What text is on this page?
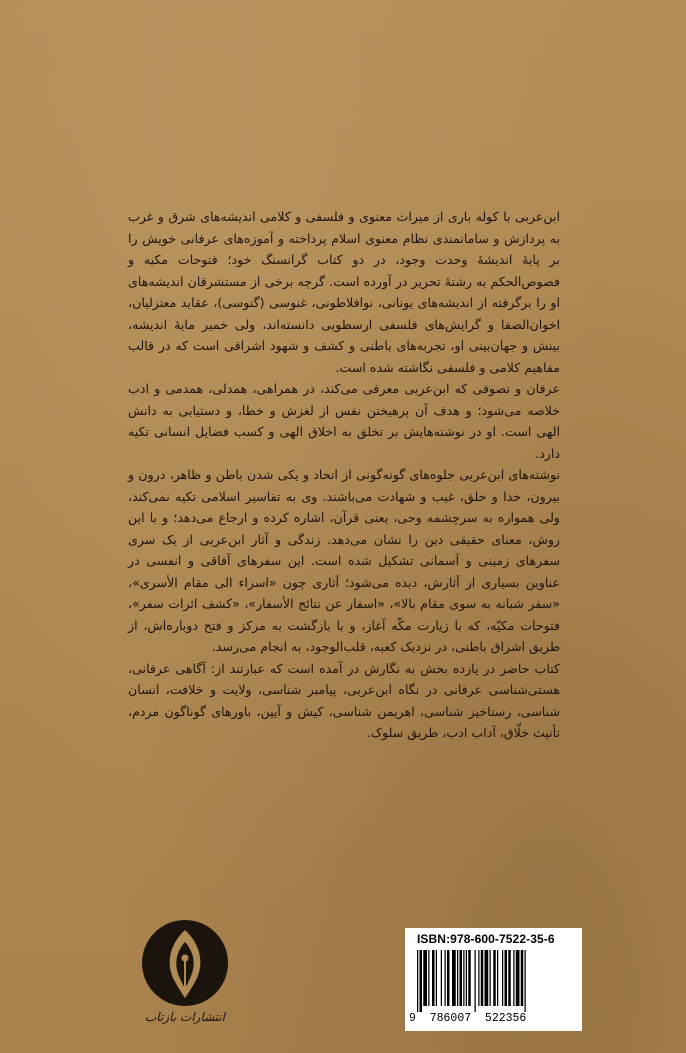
ابن‌عربی با کوله باری از میراث معنوی و فلسفی و کلامی اندیشه‌های شرق و غرب به پردازش و سامانمندی نظام معنوی اسلام پرداخته و آموزه‌های عرفانی خویش را بر پایهٔ اندیشهٔ وحدت وجود، در دو کتاب گرانسنگ خود؛ فتوحات مکیه و فصوص‌الحکم به رشتهٔ تحریر در آورده است. گرچه برخی از مستشرقان اندیشه‌های او را برگرفته از اندیشه‌های یونانی، نوافلاطونی، غنوسی (گنوسی)، عقاید معتزلیان، اخوان‌الصفا و گرایش‌های فلسفی ارسطویی دانسته‌اند، ولی خمیر مایهٔ اندیشه، بینش و جهان‌بینی او، تجربه‌های باطنی و کشف و شهود اشراقی است که در قالب مفاهیم کلامی و فلسفی نگاشته شده است.

عرفان و تصوفی که ابن‌عربی معرفی می‌کند، در همراهی، همدلی، همدمی و ادب خلاصه می‌شود؛ و هدف آن پرهیختن نفس از لغزش و خطا، و دستیابی به دانش الهی است. او در نوشته‌هایش بر تخلق به اخلاق الهی و کسب فضایل انسانی تکیه دارد.

نوشته‌های ابن‌عربی جلوه‌های گونه‌گونی از اتحاد و یکی شدن باطن و ظاهر، درون و بیرون، خدا و خلق، غیب و شهادت می‌باشند. وی به تفاسیر اسلامی تکیه نمی‌کند، ولی همواره به سرچشمه وحی، یعنی قرآن، اشاره کرده و ارجاع می‌دهد؛ و با این روش، معنای حقیقی دین را نشان می‌دهد. زندگی و آثار ابن‌عربی از یک سری سفرهای زمینی و آسمانی تشکیل شده است. این سفرهای آفاقی و انفسی در عناوین بسیاری از آثارش، دیده می‌شود؛ آثاری چون «اسراء الی مقام الأسری»، «سفر شبانه به سوی مقام بالا»، «اسفار عن نتائج الأسفار»، «کشف اثرات سفر»، فتوحات مکیّه، که با زیارت مکّه آغاز، و با بازگشت به مرکز و فتح دوباره‌اش، از طریق اشراق باطنی، در نزدیک کعبه، قلب‌الوجود، به انجام می‌رسد.

کتاب حاضر در یازده بخش به نگارش در آمده است که عبارتند از: آگاهی عرفانی، هستی‌شناسی عرفانی در نگاه ابن‌عربی، پیامبر شناسی، ولایت و خلافت، انسان شناسی، رستاخیز شناسی، اهریمن شناسی، کیش و آیین، باورهای گوناگون مردم، تأنیث خلّاق، آداب ادب، طریق سلوک.

انتشارات بازتاب
ISBN:978-600-7522-35-6
9 786007  522356
